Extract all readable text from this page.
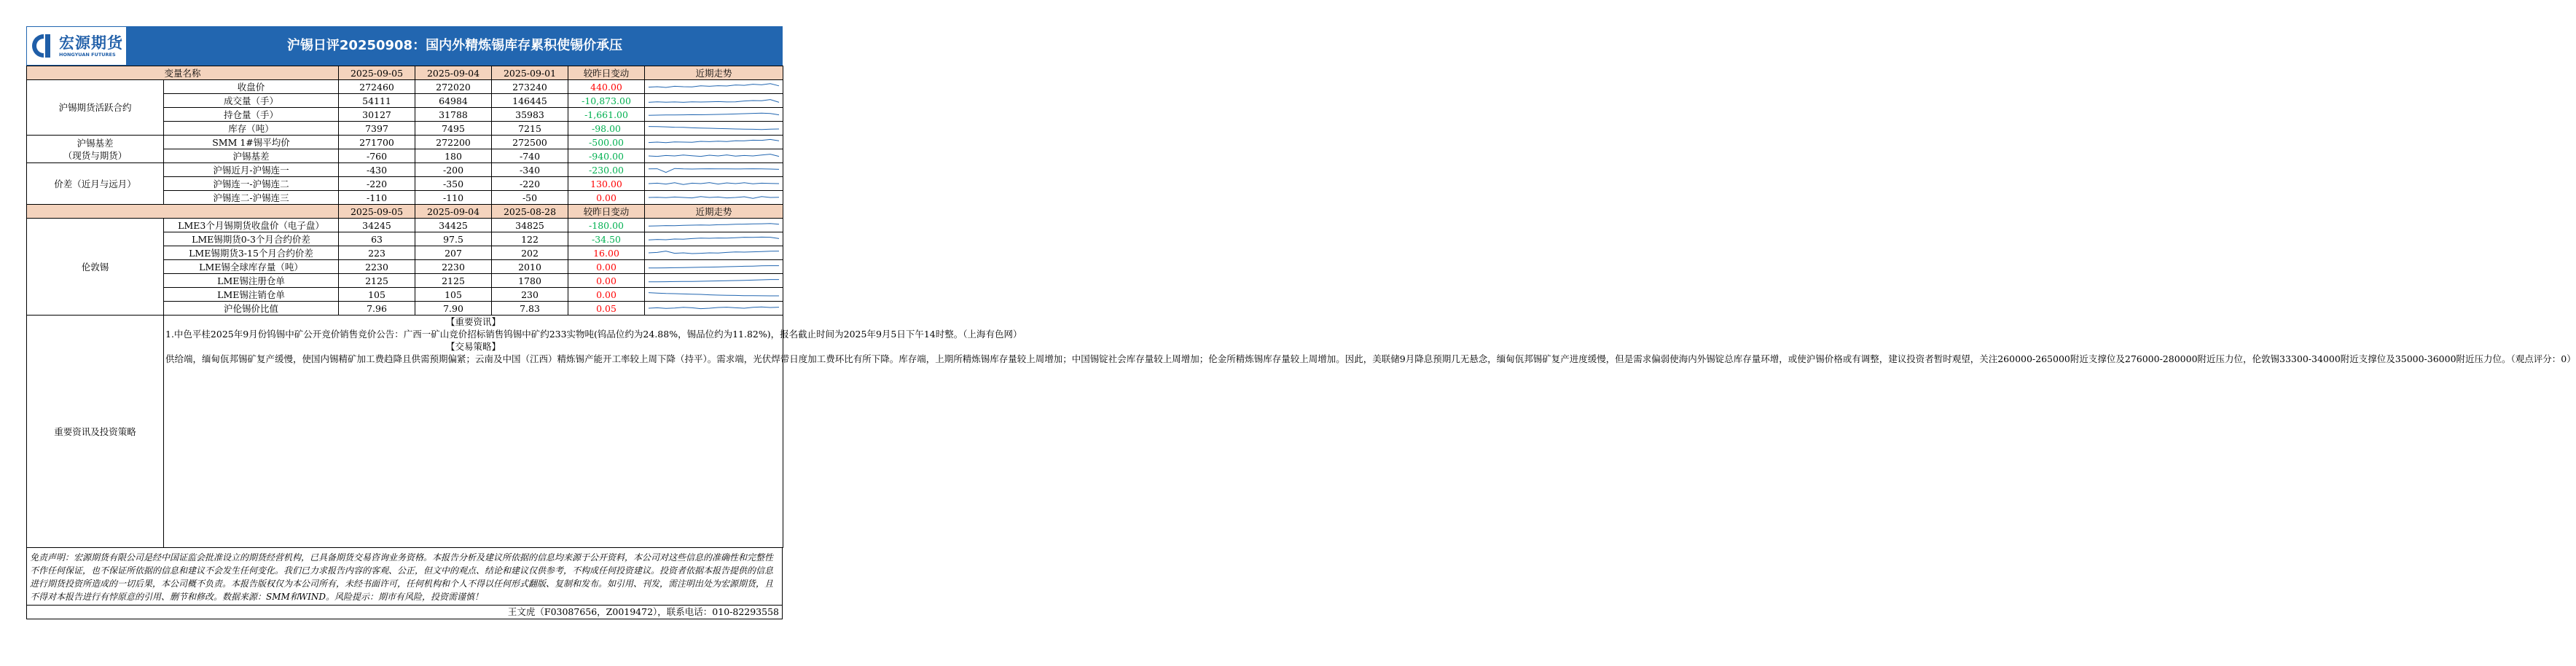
宏源期货
HONGYUAN FUTURES
沪锡日评20250908：国内外精炼锡库存累积使锡价承压
变量名称		2025-09-05	2025-09-04	2025-09-01	较昨日变动	近期走势
沪锡期货活跃合约	收盘价	272460	272020	273240	440.00	

	成交量（手）	54111	64984	146445	-10,873.00	

	持仓量（手）	30127	31788	35983	-1,661.00	

	库存（吨）	7397	7495	7215	-98.00	

沪锡基差
（现货与期货）	SMM 1#锡平均价	271700	272200	272500	-500.00	

	沪锡基差	-760	180	-740	-940.00	

价差（近月与远月）	沪锡近月-沪锡连一	-430	-200	-340	-230.00	

	沪锡连一-沪锡连二	-220	-350	-220	130.00	

	沪锡连二-沪锡连三	-110	-110	-50	0.00	

		2025-09-05	2025-09-04	2025-08-28	较昨日变动	近期走势
伦敦锡	LME3个月锡期货收盘价（电子盘）	34245	34425	34825	-180.00	

	LME锡期货0-3个月合约价差	63	97.5	122	-34.50	

	LME锡期货3-15个月合约价差	223	207	202	16.00	

	LME锡全球库存量（吨）	2230	2230	2010	0.00	

	LME锡注册仓单	2125	2125	1780	0.00	

	LME锡注销仓单	105	105	230	0.00	

	沪伦锡价比值	7.96	7.90	7.83	0.05	

重要资讯及投资策略	【重要资讯】

1.中色平桂2025年9月份钨锡中矿公开竞价销售竞价公告：广西一矿山竞价招标销售钨锡中矿约233实物吨(钨品位约为24.88%，锡品位约为11.82%)，报名截止时间为2025年9月5日下午14时整。（上海有色网）

【交易策略】

供给端，缅甸佤邦锡矿复产缓慢，使国内锡精矿加工费趋降且供需预期偏紧；云南及中国（江西）精炼锡产能开工率较上周下降（持平）。需求端，光伏焊带日度加工费环比有所下降。库存端，上期所精炼锡库存量较上周增加；中国锡锭社会库存量较上周增加；伦金所精炼锡库存量较上周增加。因此，美联储9月降息预期几无悬念，缅甸佤邦锡矿复产进度缓慢，但是需求偏弱使海内外锡锭总库存量环增，或使沪锡价格或有调整，建议投资者暂时观望，关注260000-265000附近支撑位及276000-280000附近压力位，伦敦锡33300-34000附近支撑位及35000-36000附近压力位。（观点评分：0）					

免责声明：宏源期货有限公司是经中国证监会批准设立的期货经营机构，已具备期货交易咨询业务资格。本报告分析及建议所依据的信息均来源于公开资料，本公司对这些信息的准确性和完整性不作任何保证，也不保证所依据的信息和建议不会发生任何变化。我们已力求报告内容的客观、公正，但文中的观点、结论和建议仅供参考，不构成任何投资建议。投资者依据本报告提供的信息进行期货投资所造成的一切后果，本公司概不负责。本报告版权仅为本公司所有，未经书面许可，任何机构和个人不得以任何形式翻版、复制和发布。如引用、刊发，需注明出处为宏源期货，且不得对本报告进行有悖原意的引用、删节和修改。数据来源：SMM和WIND。风险提示：期市有风险，投资需谨慎！
王文虎（F03087656，Z0019472），联系电话：010-82293558
